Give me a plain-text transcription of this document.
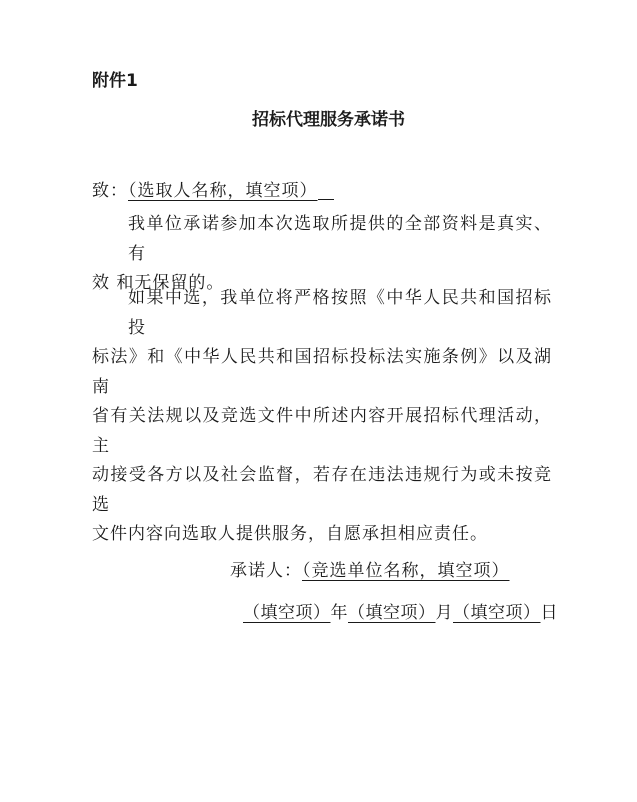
附件1
招标代理服务承诺书
致：（选取人名称，填空项）
我单位承诺参加本次选取所提供的全部资料是真实、有
效 和无保留的。
如果中选，我单位将严格按照《中华人民共和国招标投
标法》和《中华人民共和国招标投标法实施条例》以及湖南
省有关法规以及竞选文件中所述内容开展招标代理活动，主
动接受各方以及社会监督，若存在违法违规行为或未按竞选
文件内容向选取人提供服务，自愿承担相应责任。
承诺人：（竞选单位名称，填空项）
（填空项）年（填空项）月（填空项）日
